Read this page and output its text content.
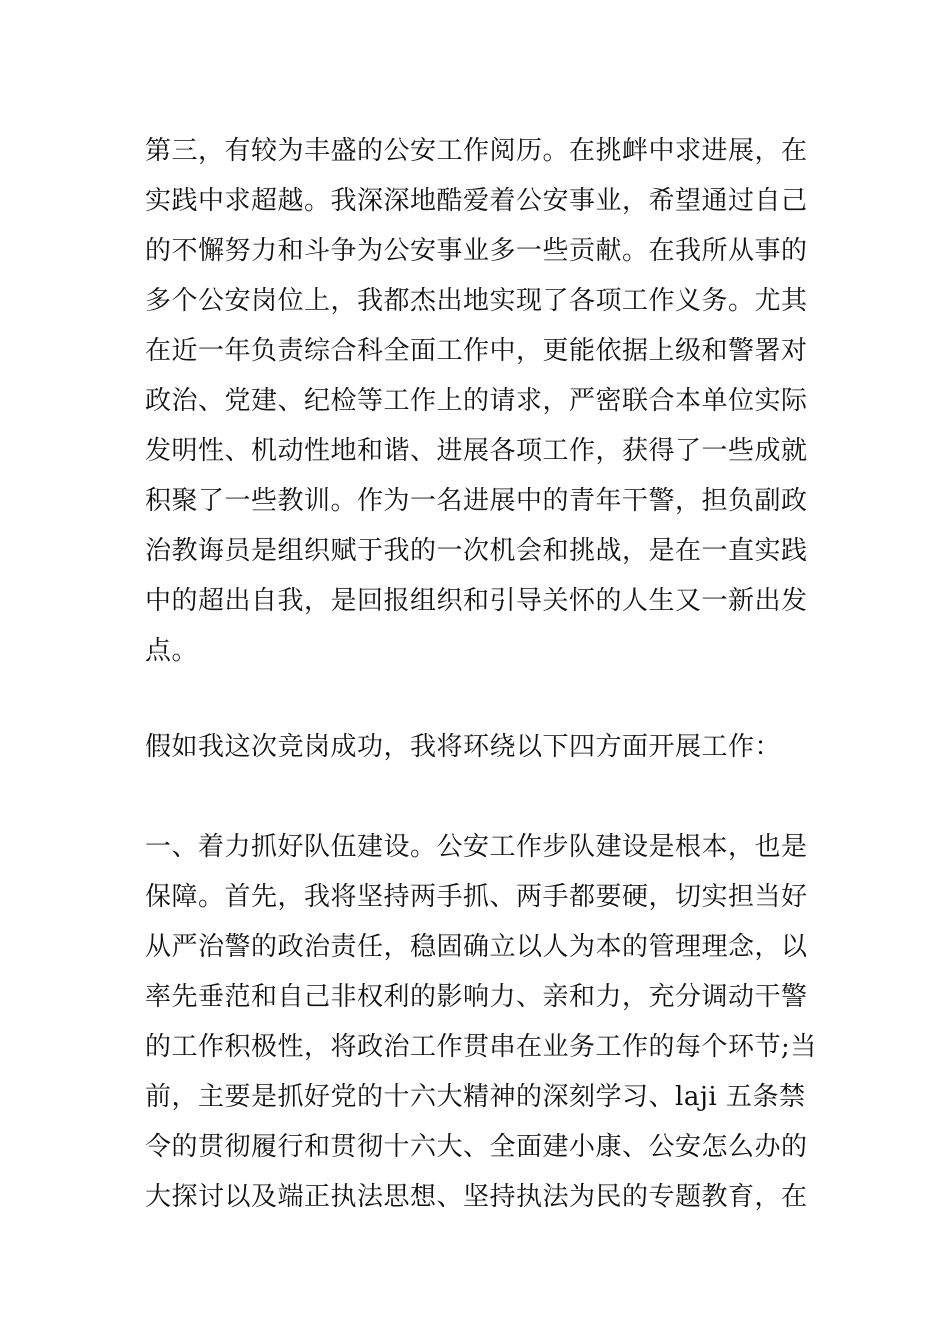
第三，有较为丰盛的公安工作阅历。在挑衅中求进展，在
实践中求超越。我深深地酷爱着公安事业，希望通过自己
的不懈努力和斗争为公安事业多一些贡献。在我所从事的
多个公安岗位上，我都杰出地实现了各项工作义务。尤其
在近一年负责综合科全面工作中，更能依据上级和警署对
政治、党建、纪检等工作上的请求，严密联合本单位实际
发明性、机动性地和谐、进展各项工作，获得了一些成就
积聚了一些教训。作为一名进展中的青年干警，担负副政
治教诲员是组织赋于我的一次机会和挑战，是在一直实践
中的超出自我，是回报组织和引导关怀的人生又一新出发
点。
假如我这次竞岗成功，我将环绕以下四方面开展工作：
一、着力抓好队伍建设。公安工作步队建设是根本，也是
保障。首先，我将坚持两手抓、两手都要硬，切实担当好
从严治警的政治责任，稳固确立以人为本的管理理念，以
率先垂范和自己非权利的影响力、亲和力，充分调动干警
的工作积极性，将政治工作贯串在业务工作的每个环节;当
前，主要是抓好党的十六大精神的深刻学习、laji 五条禁
令的贯彻履行和贯彻十六大、全面建小康、公安怎么办的
大探讨以及端正执法思想、坚持执法为民的专题教育，在
